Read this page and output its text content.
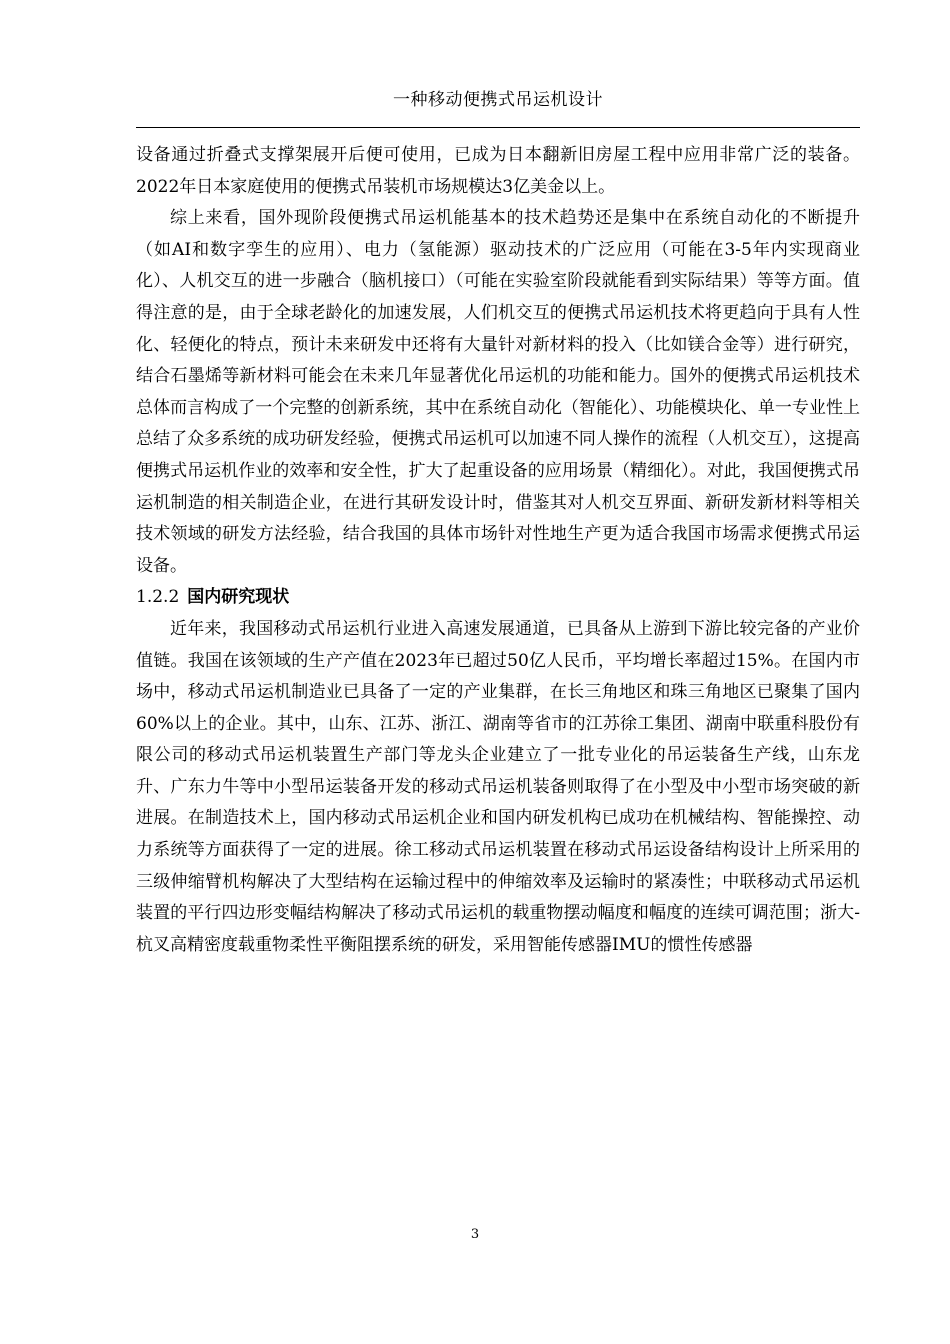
一种移动便携式吊运机设计

设备通过折叠式支撑架展开后便可使用，已成为日本翻新旧房屋工程中应用非常广泛的装备。2022年日本家庭使用的便携式吊装机市场规模达3亿美金以上。

综上来看，国外现阶段便携式吊运机能基本的技术趋势还是集中在系统自动化的不断提升（如AI和数字孪生的应用）、电力（氢能源）驱动技术的广泛应用（可能在3-5年内实现商业化）、人机交互的进一步融合（脑机接口）（可能在实验室阶段就能看到实际结果）等等方面。值得注意的是，由于全球老龄化的加速发展，人们机交互的便携式吊运机技术将更趋向于具有人性化、轻便化的特点，预计未来研发中还将有大量针对新材料的投入（比如镁合金等）进行研究，结合石墨烯等新材料可能会在未来几年显著优化吊运机的功能和能力。国外的便携式吊运机技术总体而言构成了一个完整的创新系统，其中在系统自动化（智能化）、功能模块化、单一专业性上总结了众多系统的成功研发经验，便携式吊运机可以加速不同人操作的流程（人机交互），这提高便携式吊运机作业的效率和安全性，扩大了起重设备的应用场景（精细化）。对此，我国便携式吊运机制造的相关制造企业，在进行其研发设计时，借鉴其对人机交互界面、新研发新材料等相关技术领域的研发方法经验，结合我国的具体市场针对性地生产更为适合我国市场需求便携式吊运设备。

1.2.2 国内研究现状

近年来，我国移动式吊运机行业进入高速发展通道，已具备从上游到下游比较完备的产业价值链。我国在该领域的生产产值在2023年已超过50亿人民币，平均增长率超过15%。在国内市场中，移动式吊运机制造业已具备了一定的产业集群，在长三角地区和珠三角地区已聚集了国内60%以上的企业。其中，山东、江苏、浙江、湖南等省市的江苏徐工集团、湖南中联重科股份有限公司的移动式吊运机装置生产部门等龙头企业建立了一批专业化的吊运装备生产线，山东龙升、广东力牛等中小型吊运装备开发的移动式吊运机装备则取得了在小型及中小型市场突破的新进展。在制造技术上，国内移动式吊运机企业和国内研发机构已成功在机械结构、智能操控、动力系统等方面获得了一定的进展。徐工移动式吊运机装置在移动式吊运设备结构设计上所采用的三级伸缩臂机构解决了大型结构在运输过程中的伸缩效率及运输时的紧凑性；中联移动式吊运机装置的平行四边形变幅结构解决了移动式吊运机的载重物摆动幅度和幅度的连续可调范围；浙大-杭叉高精密度载重物柔性平衡阻摆系统的研发，采用智能传感器IMU的惯性传感器

3
